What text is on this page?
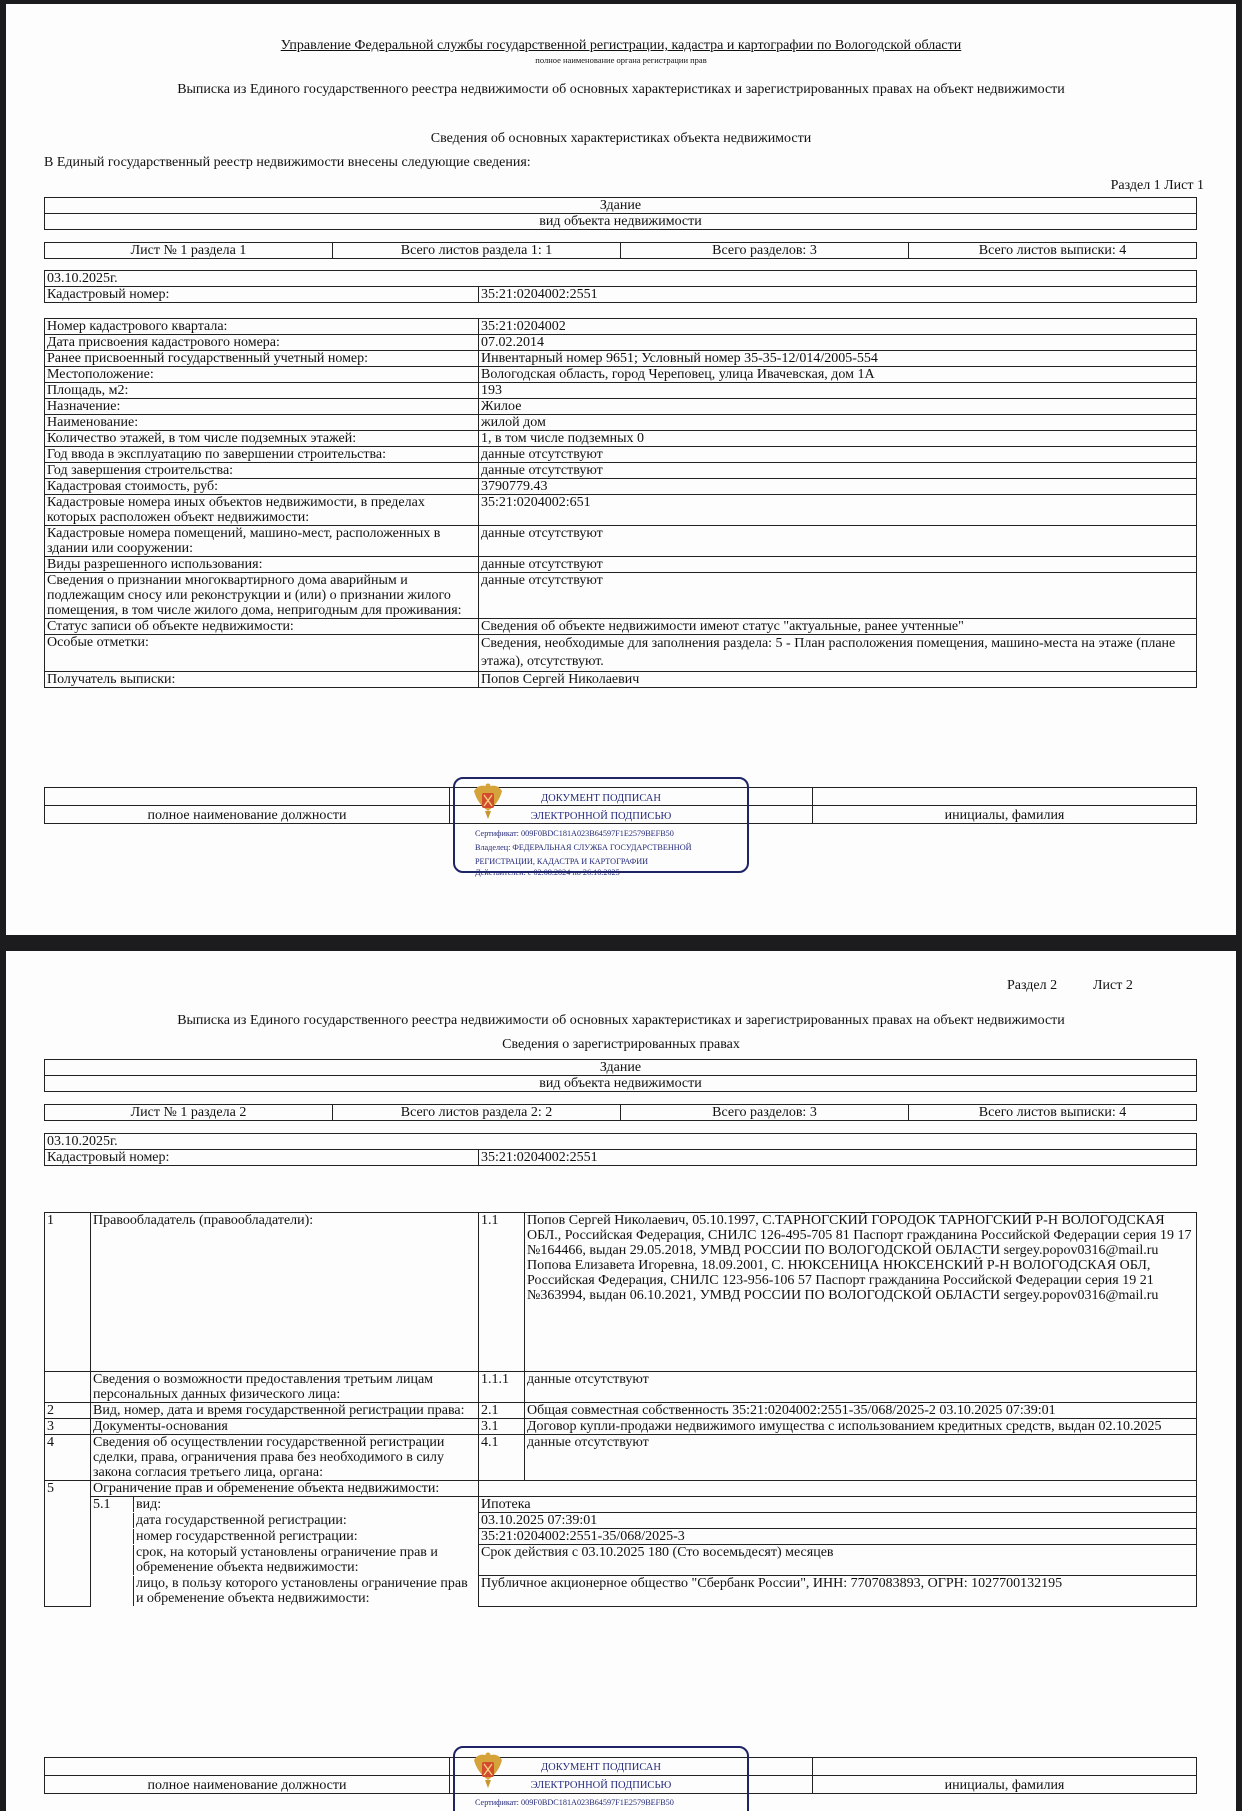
Управление Федеральной службы государственной регистрации, кадастра и картографии по Вологодской области
полное наименование органа регистрации прав
Выписка из Единого государственного реестра недвижимости об основных характеристиках и зарегистрированных правах на объект недвижимости
Сведения об основных характеристиках объекта недвижимости
В Единый государственный реестр недвижимости внесены следующие сведения:
Раздел 1 Лист 1
Здание
вид объекта недвижимости
Лист № 1 раздела 1	Всего листов раздела 1: 1	Всего разделов: 3	Всего листов выписки: 4
03.10.2025г.
Кадастровый номер:	35:21:0204002:2551
Номер кадастрового квартала:	35:21:0204002
Дата присвоения кадастрового номера:	07.02.2014
Ранее присвоенный государственный учетный номер:	Инвентарный номер 9651; Условный номер 35-35-12/014/2005-554
Местоположение:	Вологодская область, город Череповец, улица Ивачевская, дом 1А
Площадь, м2:	193
Назначение:	Жилое
Наименование:	жилой дом
Количество этажей, в том числе подземных этажей:	1, в том числе подземных 0
Год ввода в эксплуатацию по завершении строительства:	данные отсутствуют
Год завершения строительства:	данные отсутствуют
Кадастровая стоимость, руб:	3790779.43
Кадастровые номера иных объектов недвижимости, в пределах которых расположен объект недвижимости:	35:21:0204002:651
Кадастровые номера помещений, машино-мест, расположенных в здании или сооружении:	данные отсутствуют
Виды разрешенного использования:	данные отсутствуют
Сведения о признании многоквартирного дома аварийным и подлежащим сносу или реконструкции и (или) о признании жилого помещения, в том числе жилого дома, непригодным для проживания:	данные отсутствуют
Статус записи об объекте недвижимости:	Сведения об объекте недвижимости имеют статус "актуальные, ранее учтенные"
Особые отметки:	Сведения, необходимые для заполнения раздела: 5 - План расположения помещения, машино-места на этаже (плане этажа), отсутствуют.
Получатель выписки:	Попов Сергей Николаевич

полное наименование должности		инициалы, фамилия
ДОКУМЕНТ ПОДПИСАН
ЭЛЕКТРОННОЙ ПОДПИСЬЮ
Сертификат: 009F0BDC181A023B64597F1E2579BEFB50
Владелец: ФЕДЕРАЛЬНАЯ СЛУЖБА ГОСУДАРСТВЕННОЙ
РЕГИСТРАЦИИ, КАДАСТРА И КАРТОГРАФИИ
Действителен: с 02.08.2024 по 26.10.2025
Раздел 2	Лист 2
Выписка из Единого государственного реестра недвижимости об основных характеристиках и зарегистрированных правах на объект недвижимости
Сведения о зарегистрированных правах
Здание
вид объекта недвижимости
Лист № 1 раздела 2	Всего листов раздела 2: 2	Всего разделов: 3	Всего листов выписки: 4
03.10.2025г.
Кадастровый номер:	35:21:0204002:2551
1	Правообладатель (правообладатели):	1.1	Попов Сергей Николаевич, 05.10.1997, С.ТАРНОГСКИЙ ГОРОДОК ТАРНОГСКИЙ Р-Н ВОЛОГОДСКАЯ ОБЛ., Российская Федерация, СНИЛС 126-495-705 81 Паспорт гражданина Российской Федерации серия 19 17 №164466, выдан 29.05.2018, УМВД РОССИИ ПО ВОЛОГОДСКОЙ ОБЛАСТИ sergey.popov0316@mail.ru Попова Елизавета Игоревна, 18.09.2001, С. НЮКСЕНИЦА НЮКСЕНСКИЙ Р-Н ВОЛОГОДСКАЯ ОБЛ, Российская Федерация, СНИЛС 123-956-106 57 Паспорт гражданина Российской Федерации серия 19 21 №363994, выдан 06.10.2021, УМВД РОССИИ ПО ВОЛОГОДСКОЙ ОБЛАСТИ sergey.popov0316@mail.ru
	Сведения о возможности предоставления третьим лицам персональных данных физического лица:	1.1.1	данные отсутствуют
2	Вид, номер, дата и время государственной регистрации права:	2.1	Общая совместная собственность 35:21:0204002:2551-35/068/2025-2 03.10.2025 07:39:01
3	Документы-основания	3.1	Договор купли-продажи недвижимого имущества с использованием кредитных средств, выдан 02.10.2025
4	Сведения об осуществлении государственной регистрации сделки, права, ограничения права без необходимого в силу закона согласия третьего лица, органа:	4.1	данные отсутствуют
5	Ограничение прав и обременение объекта недвижимости:		

	5.1 вид:	Ипотека	

	дата государственной регистрации:	03.10.2025 07:39:01	

	номер государственной регистрации:	35:21:0204002:2551-35/068/2025-3	

	срок, на который установлены ограничение прав и обременение объекта недвижимости:	Срок действия с 03.10.2025 180 (Сто восемьдесят) месяцев	

	лицо, в пользу которого установлены ограничение прав и обременение объекта недвижимости:	Публичное акционерное общество "Сбербанк России", ИНН: 7707083893, ОГРН: 1027700132195	

полное наименование должности		инициалы, фамилия
ДОКУМЕНТ ПОДПИСАН
ЭЛЕКТРОННОЙ ПОДПИСЬЮ
Сертификат: 009F0BDC181A023B64597F1E2579BEFB50
